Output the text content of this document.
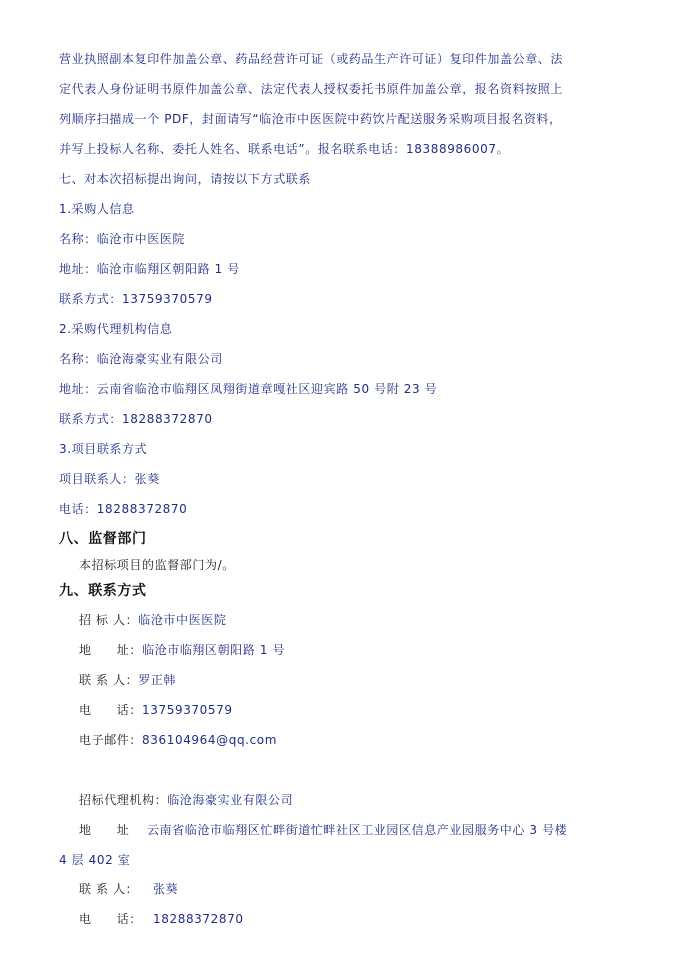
营业执照副本复印件加盖公章、药品经营许可证（或药品生产许可证）复印件加盖公章、法
定代表人身份证明书原件加盖公章、法定代表人授权委托书原件加盖公章，报名资料按照上
列顺序扫描成一个 PDF，封面请写“临沧市中医医院中药饮片配送服务采购项目报名资料，
并写上投标人名称、委托人姓名、联系电话”。报名联系电话：18388986007。
七、对本次招标提出询问，请按以下方式联系
1.采购人信息
名称：临沧市中医医院
地址：临沧市临翔区朝阳路 1 号
联系方式：13759370579
2.采购代理机构信息
名称：临沧海豪实业有限公司
地址：云南省临沧市临翔区凤翔街道章嘎社区迎宾路 50 号附 23 号
联系方式：18288372870
3.项目联系方式
项目联系人：张葵
电话：18288372870
八、监督部门
本招标项目的监督部门为/。
九、联系方式
招 标 人：临沧市中医医院
地　　址：临沧市临翔区朝阳路 1 号
联 系 人：罗正韩
电　　话：13759370579
电子邮件：836104964@qq.com
招标代理机构：临沧海豪实业有限公司
地　　址 云南省临沧市临翔区忙畔街道忙畔社区工业园区信息产业园服务中心 3 号楼
4 层 402 室
联 系 人： 张葵
电　　话： 18288372870
